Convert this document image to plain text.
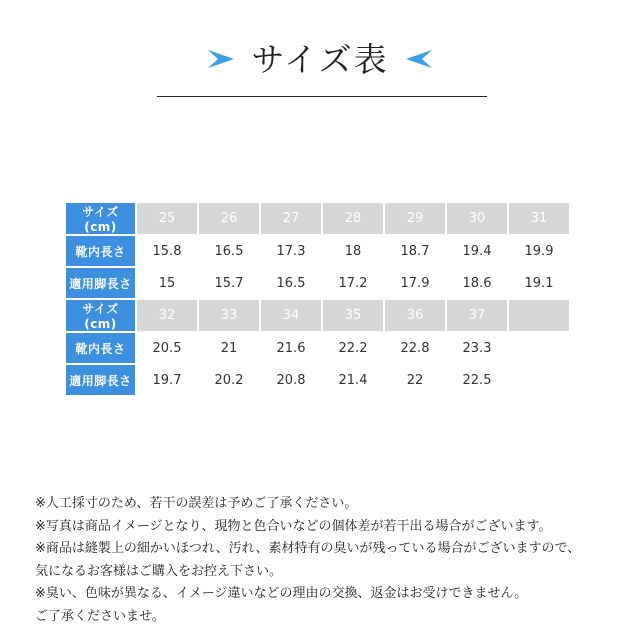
サイズ表
サイズ(cm)	25	26	27	28	29	30	31
靴内長さ	15.8	16.5	17.3	18	18.7	19.4	19.9
適用脚長さ	15	15.7	16.5	17.2	17.9	18.6	19.1
サイズ(cm)	32	33	34	35	36	37	
靴内長さ	20.5	21	21.6	22.2	22.8	23.3	
適用脚長さ	19.7	20.2	20.8	21.4	22	22.5	
※人工採寸のため、若干の誤差は予めご了承ください。
※写真は商品イメージとなり、現物と色合いなどの個体差が若干出る場合がございます。
※商品は縫製上の細かいほつれ、汚れ、素材特有の臭いが残っている場合がございますので、
気になるお客様はご購入をお控え下さい。
※臭い、色味が異なる、イメージ違いなどの理由の交換、返金はお受けできません。
ご了承くださいませ。
